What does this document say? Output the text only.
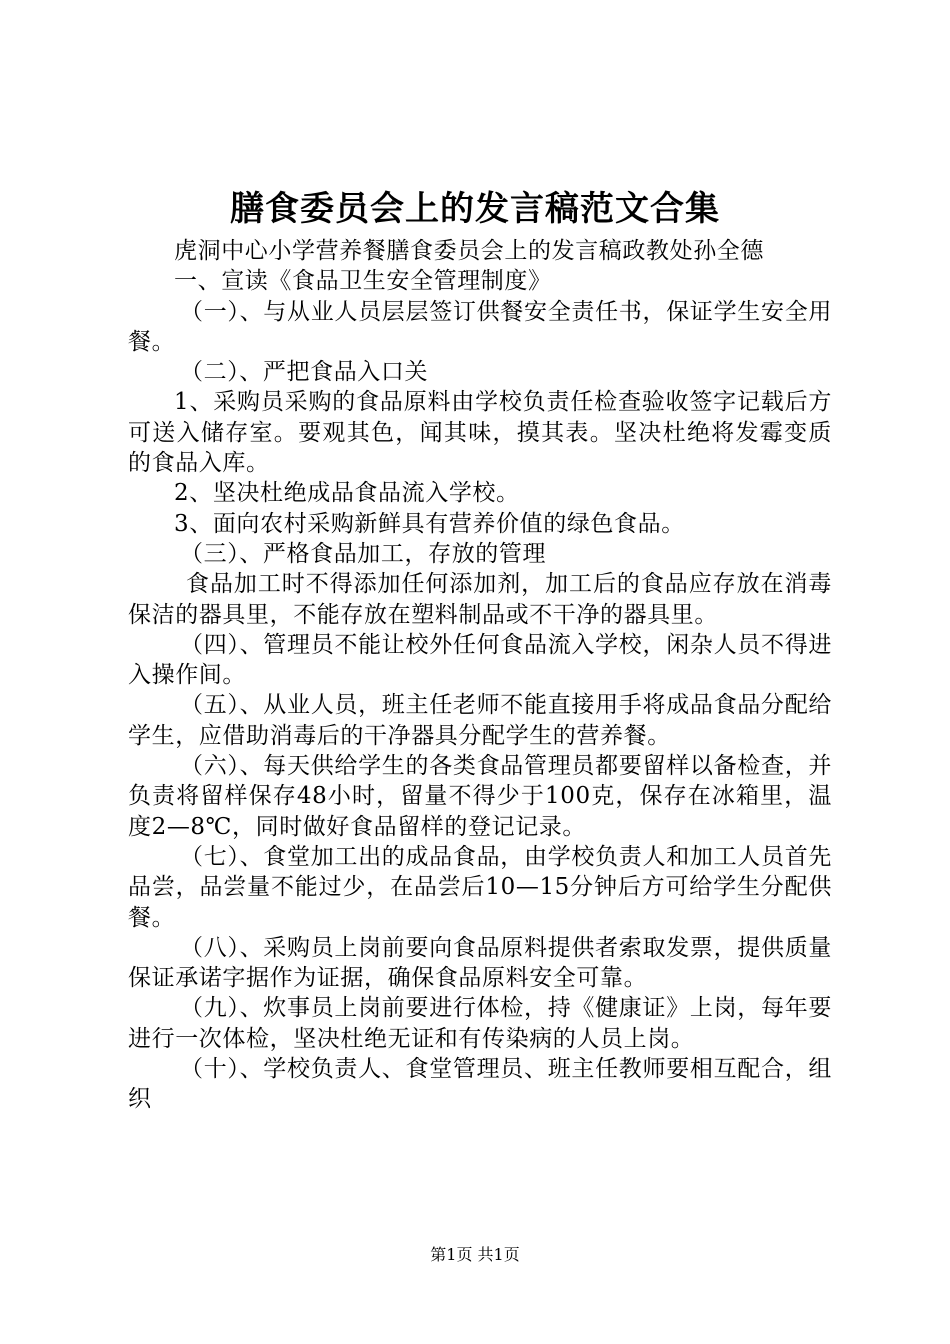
膳食委员会上的发言稿范文合集

虎洞中心小学营养餐膳食委员会上的发言稿政教处孙全德

一、宣读《食品卫生安全管理制度》

（一）、与从业人员层层签订供餐安全责任书，保证学生安全用餐。

（二）、严把食品入口关

1、采购员采购的食品原料由学校负责任检查验收签字记载后方可送入储存室。要观其色，闻其味，摸其表。坚决杜绝将发霉变质的食品入库。

2、坚决杜绝成品食品流入学校。

3、面向农村采购新鲜具有营养价值的绿色食品。

（三）、严格食品加工，存放的管理

食品加工时不得添加任何添加剂，加工后的食品应存放在消毒保洁的器具里，不能存放在塑料制品或不干净的器具里。

（四）、管理员不能让校外任何食品流入学校，闲杂人员不得进入操作间。

（五）、从业人员，班主任老师不能直接用手将成品食品分配给学生，应借助消毒后的干净器具分配学生的营养餐。

（六）、每天供给学生的各类食品管理员都要留样以备检查，并负责将留样保存48小时，留量不得少于100克，保存在冰箱里，温度2—8℃，同时做好食品留样的登记记录。

（七）、食堂加工出的成品食品，由学校负责人和加工人员首先品尝，品尝量不能过少，在品尝后10—15分钟后方可给学生分配供餐。

（八）、采购员上岗前要向食品原料提供者索取发票，提供质量保证承诺字据作为证据，确保食品原料安全可靠。

（九）、炊事员上岗前要进行体检，持《健康证》上岗，每年要进行一次体检，坚决杜绝无证和有传染病的人员上岗。

（十）、学校负责人、食堂管理员、班主任教师要相互配合，组织

第1页 共1页
